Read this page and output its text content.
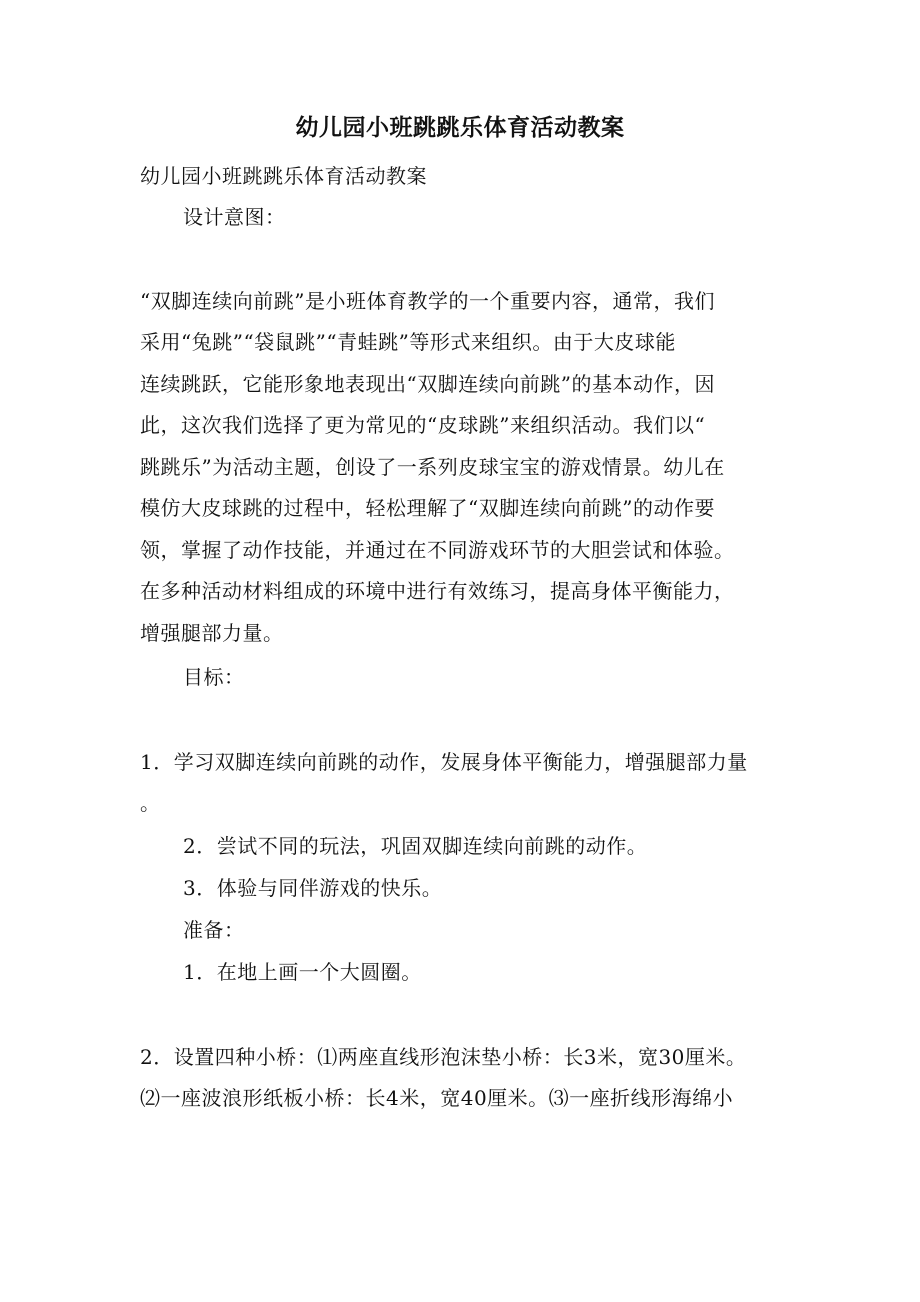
幼儿园小班跳跳乐体育活动教案
幼儿园小班跳跳乐体育活动教案
设计意图：
“双脚连续向前跳”是小班体育教学的一个重要内容，通常，我们
采用“兔跳”“袋鼠跳”“青蛙跳”等形式来组织。由于大皮球能
连续跳跃，它能形象地表现出“双脚连续向前跳”的基本动作，因
此，这次我们选择了更为常见的“皮球跳”来组织活动。我们以“
跳跳乐”为活动主题，创设了一系列皮球宝宝的游戏情景。幼儿在
模仿大皮球跳的过程中，轻松理解了“双脚连续向前跳”的动作要
领，掌握了动作技能，并通过在不同游戏环节的大胆尝试和体验。
在多种活动材料组成的环境中进行有效练习，提高身体平衡能力，
增强腿部力量。
目标：
1．学习双脚连续向前跳的动作，发展身体平衡能力，增强腿部力量
。
2．尝试不同的玩法，巩固双脚连续向前跳的动作。
3．体验与同伴游戏的快乐。
准备：
1．在地上画一个大圆圈。
2．设置四种小桥：⑴两座直线形泡沫垫小桥：长3米，宽30厘米。
⑵一座波浪形纸板小桥：长4米，宽40厘米。⑶一座折线形海绵小
